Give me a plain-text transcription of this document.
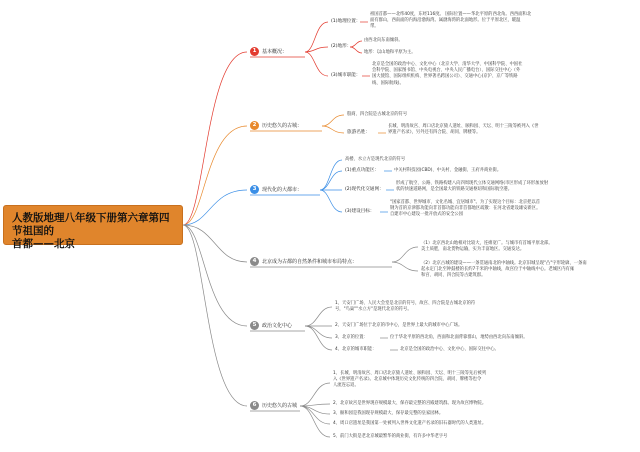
人教版地理八年级下册第六章第四节祖国的
首都——北京
1	基本概况：
2	历史悠久的古城：
3	现代化的大都市：
4	北京成为古都的自然条件和城市布局特点：
5	政治文化中心
6	历史悠久的古城
(1)地理位置：
祖国首都——北纬40度，东经116度。 国际位置——华北平原的西北角。西西面和北
面有群山，西南面的内海沿渤海湾。属渤海湾的北面地形。位于平原北区，暖温
带。
(2)地形：
由西北向东南倾斜。
地形：以山地和平原为主。
(3)城市职能：
北京是全国的政治中心、文化中心（北京大学、清华大学、中国科学院、中国社
会科学院、国家图书馆、中央电视台、中央人民广播电台）、国际交往中心（外
国大使馆、国际组织机构、世界著名跨国公司）、交通中心(京沪、京广等铁路
线、国际航线)。
殷商、四合院是古城北京的符号
旅游名胜：
长城、明清故宫、周口店北京猿人遗址、颐和园、天坛、明十三陵等被列入《世
界遗产名录》，另外还有四合院、胡同、牌楼等。
高楼、水立方是现代北京的符号
(1)重点功能区：	中关村科技园(CBD)、中关村、金融街、王府井商业街。
(2)现代化交通网：
形成了航空、公路、铁路构建八向四周现代立体交通网络(市区形成了环形加放射
状的快速道路网，是全国最大的铁路交通枢纽和国际航空港。
(3)建设目标：
"国家首都、世界城市、文化名城、宜居城市"。为了实现这个目标：北京把以首
钢为首的京津都功能向非首都功能向非首都地区疏散：在河北省建设雄安新区。
自建市中心建设一批开放式的安全公园
（1）北京西北山地相对比较大，连绵宽广。与城市有首城平原北部。
美土质肥，南北货物运输，实为丰富地区。交通发达。
（2）北京古城的建设——一条贯通南北的中轴线。北京旧城呈现"凸"字形轮廓，一条南
起永定门北至钟鼓楼的长约7千米的中轴线，故宫位于中轴线中心。老城区内有雍
和宫、胡同、四合院等古建筑群。
1、天安门广场、人民大会堂是北京的符号，故宫、四合院是古城北京的符
号，"鸟巢""水立方"是现代北京的符号。
2、天安门广场位于北京的市中心，是世界上最大的城市中心广场。
3、北京的位置：	位于华北平原的西北角，西面和北面背靠群山，地势由西北向东南倾斜。
4、北京的城市职能：	北京是全国的政治中心、文化中心、国际交往中心。
1、长城、明清故宫、周口店北京猿人遗址、颐和园、天坛、明十三陵等先后被列
入《世界遗产名录》。北京城中体现历史文化传统的四合院、胡同、牌楼等也令
人流连忘返。
2、北京故宫是世界现存规模最大、保存最完整的宫殿建筑群。现为故宫博物院。
3、颐和园是我国现存规模最大、保存最完整的皇家园林。
4、周口店遗址是我国第一处被列入世界文化遗产名录的旧石器时代的人类遗址。
5、前门大街是老北京城最繁华的商业街，有许多中华老字号
